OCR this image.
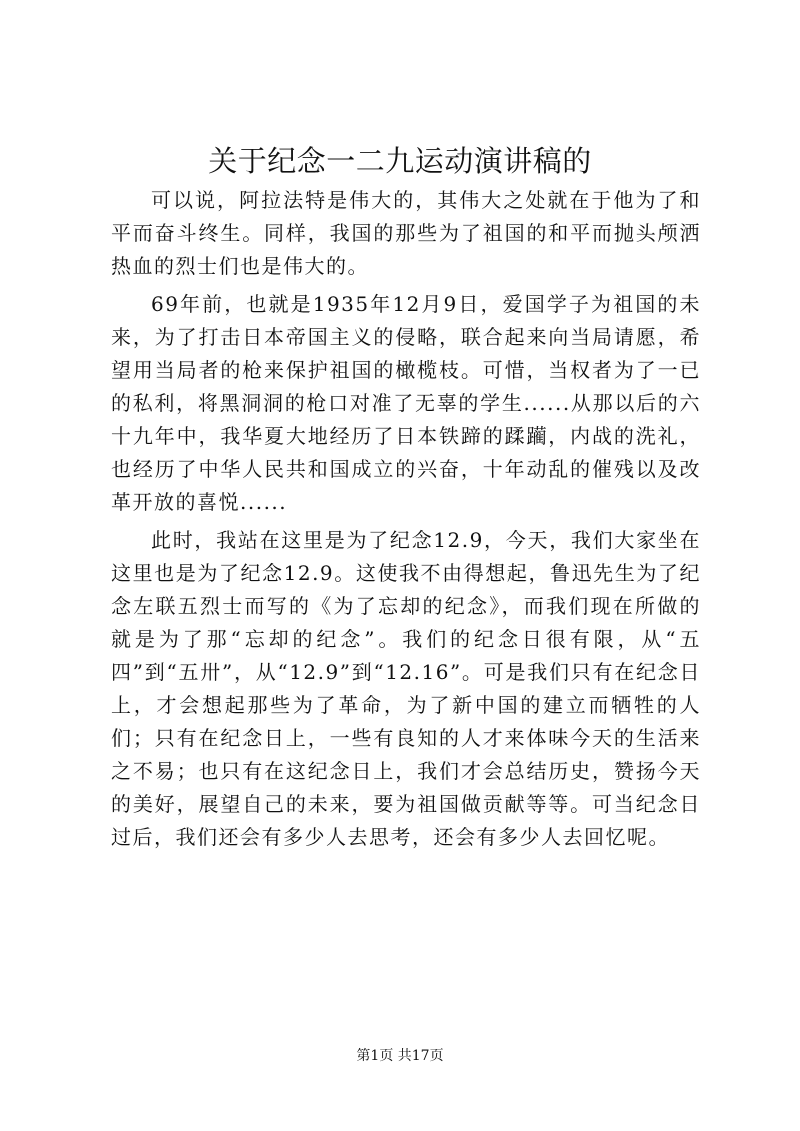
关于纪念一二九运动演讲稿的

可以说，阿拉法特是伟大的，其伟大之处就在于他为了和平而奋斗终生。同样，我国的那些为了祖国的和平而抛头颅洒热血的烈士们也是伟大的。

69年前，也就是1935年12月9日，爱国学子为祖国的未来，为了打击日本帝国主义的侵略，联合起来向当局请愿，希望用当局者的枪来保护祖国的橄榄枝。可惜，当权者为了一已的私利，将黑洞洞的枪口对准了无辜的学生......从那以后的六十九年中，我华夏大地经历了日本铁蹄的蹂躏，内战的洗礼，也经历了中华人民共和国成立的兴奋，十年动乱的催残以及改革开放的喜悦......

此时，我站在这里是为了纪念12.9，今天，我们大家坐在这里也是为了纪念12.9。这使我不由得想起，鲁迅先生为了纪念左联五烈士而写的《为了忘却的纪念》，而我们现在所做的就是为了那“忘却的纪念”。我们的纪念日很有限，从“五四”到“五卅”，从“12.9”到“12.16”。可是我们只有在纪念日上，才会想起那些为了革命，为了新中国的建立而牺牲的人们；只有在纪念日上，一些有良知的人才来体味今天的生活来之不易；也只有在这纪念日上，我们才会总结历史，赞扬今天的美好，展望自己的未来，要为祖国做贡献等等。可当纪念日过后，我们还会有多少人去思考，还会有多少人去回忆呢。

第1页 共17页
